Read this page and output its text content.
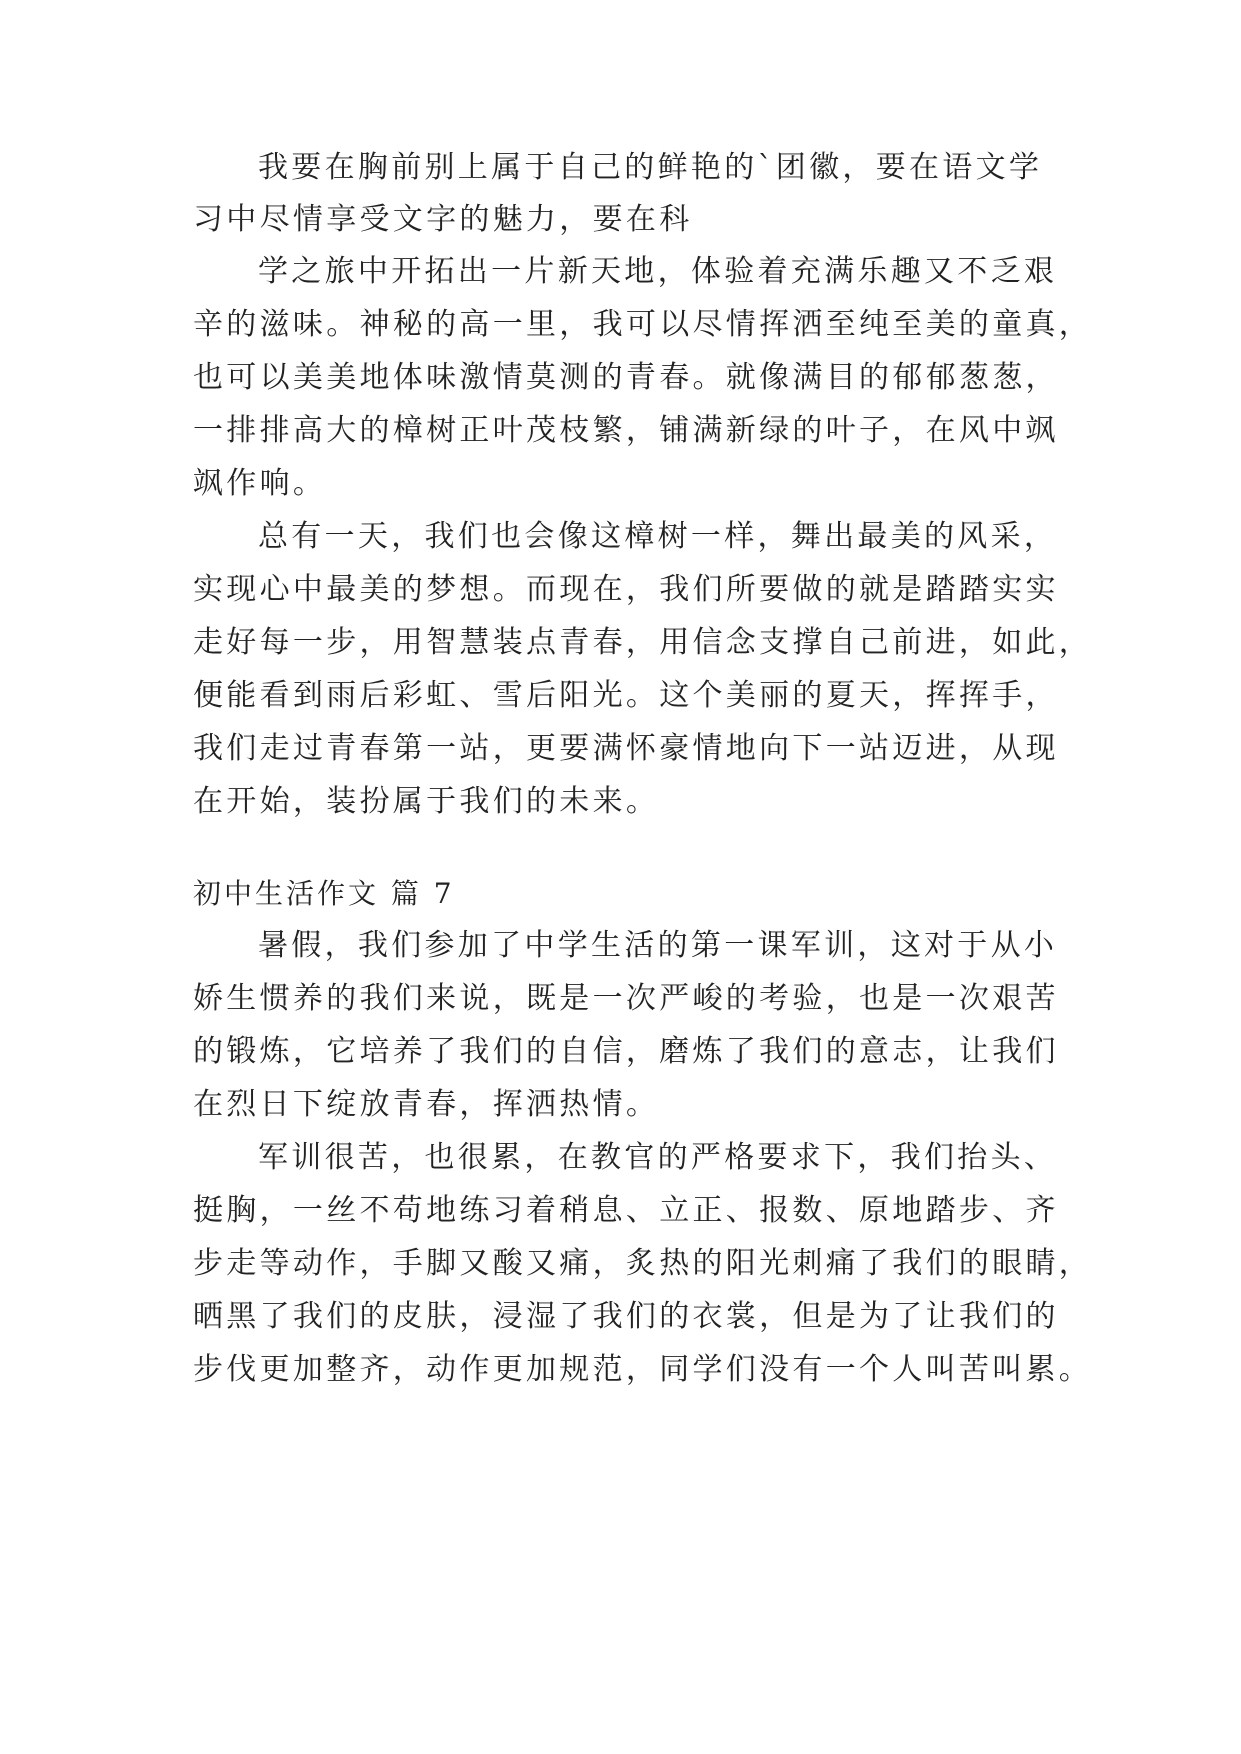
我要在胸前别上属于自己的鲜艳的`团徽，要在语文学
习中尽情享受文字的魅力，要在科
学之旅中开拓出一片新天地，体验着充满乐趣又不乏艰
辛的滋味。神秘的高一里，我可以尽情挥洒至纯至美的童真，
也可以美美地体味激情莫测的青春。就像满目的郁郁葱葱，
一排排高大的樟树正叶茂枝繁，铺满新绿的叶子，在风中飒
飒作响。
总有一天，我们也会像这樟树一样，舞出最美的风采，
实现心中最美的梦想。而现在，我们所要做的就是踏踏实实
走好每一步，用智慧装点青春，用信念支撑自己前进，如此，
便能看到雨后彩虹、雪后阳光。这个美丽的夏天，挥挥手，
我们走过青春第一站，更要满怀豪情地向下一站迈进，从现
在开始，装扮属于我们的未来。
初中生活作文 篇 7
暑假，我们参加了中学生活的第一课军训，这对于从小
娇生惯养的我们来说，既是一次严峻的考验，也是一次艰苦
的锻炼，它培养了我们的自信，磨炼了我们的意志，让我们
在烈日下绽放青春，挥洒热情。
军训很苦，也很累，在教官的严格要求下，我们抬头、
挺胸，一丝不苟地练习着稍息、立正、报数、原地踏步、齐
步走等动作，手脚又酸又痛，炙热的阳光刺痛了我们的眼睛，
晒黑了我们的皮肤，浸湿了我们的衣裳，但是为了让我们的
步伐更加整齐，动作更加规范，同学们没有一个人叫苦叫累。
